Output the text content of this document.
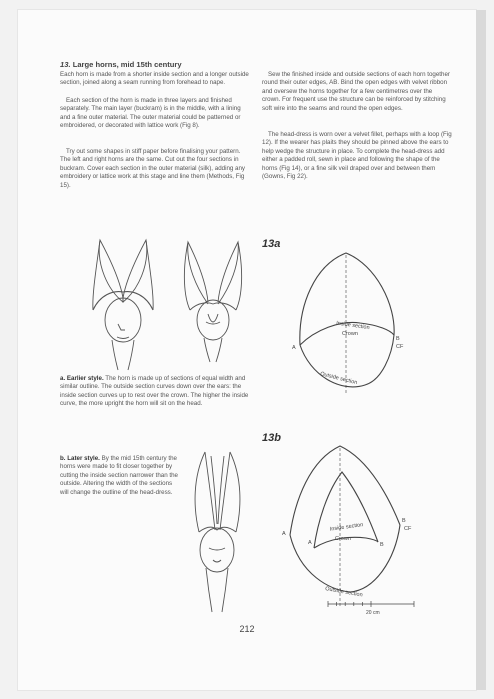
13. Large horns, mid 15th century

Each horn is made from a shorter inside section and a longer outside section, joined along a seam running from forehead to nape.

Each section of the horn is made in three layers and finished separately. The main layer (buckram) is in the middle, with a lining and a fine outer material. The outer material could be patterned or embroidered, or decorated with lattice work (Fig 8).

Try out some shapes in stiff paper before finalising your pattern. The left and right horns are the same. Cut out the four sections in buckram. Cover each section in the outer material (silk), adding any embroidery or lattice work at this stage and line them (Methods, Fig 15).

Sew the finished inside and outside sections of each horn together round their outer edges, AB. Bind the open edges with velvet ribbon and oversew the horns together for a few centimetres over the crown. For frequent use the structure can be reinforced by stitching soft wire into the seams and round the open edges.

The head-dress is worn over a velvet fillet, perhaps with a loop (Fig 12). If the wearer has plaits they should be pinned above the ears to help wedge the structure in place. To complete the head-dress add either a padded roll, sewn in place and following the shape of the horns (Fig 14), or a fine silk veil draped over and between them (Gowns, Fig 22).

a. Earlier style. The horn is made up of sections of equal width and similar outline. The outside section curves down over the ears: the inside section curves up to rest over the crown. The higher the inside curve, the more upright the horn will sit on the head.

b. Later style. By the mid 15th century the horns were made to fit closer together by cutting the inside section narrower than the outside. Altering the width of the sections will change the outline of the head-dress.

13a
Inside section
Crown
Outside section
A
B
CF
13b
Inside section
Crown
Outside section
A
A	B
B
CF
20 cm
212
